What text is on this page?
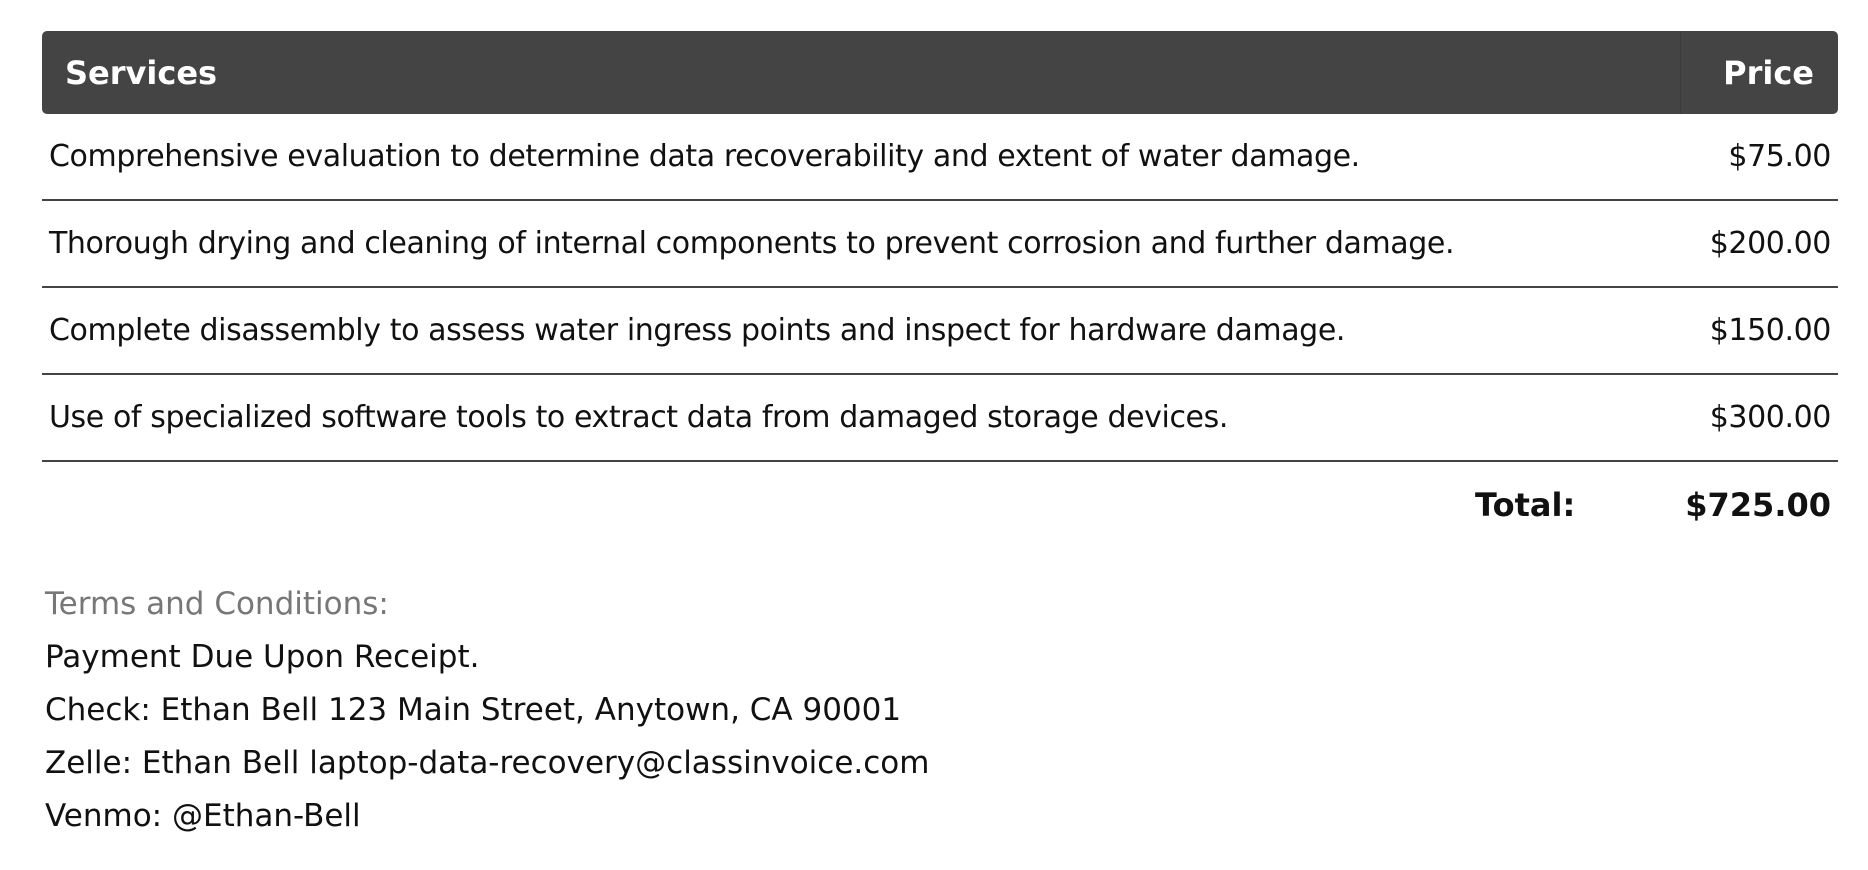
Services	Price
Comprehensive evaluation to determine data recoverability and extent of water damage.	$75.00
Thorough drying and cleaning of internal components to prevent corrosion and further damage.	$200.00
Complete disassembly to assess water ingress points and inspect for hardware damage.	$150.00
Use of specialized software tools to extract data from damaged storage devices.	$300.00
Total:	$725.00
Terms and Conditions:
Payment Due Upon Receipt.
Check: Ethan Bell 123 Main Street, Anytown, CA 90001
Zelle: Ethan Bell laptop-data-recovery@classinvoice.com
Venmo: @Ethan-Bell
